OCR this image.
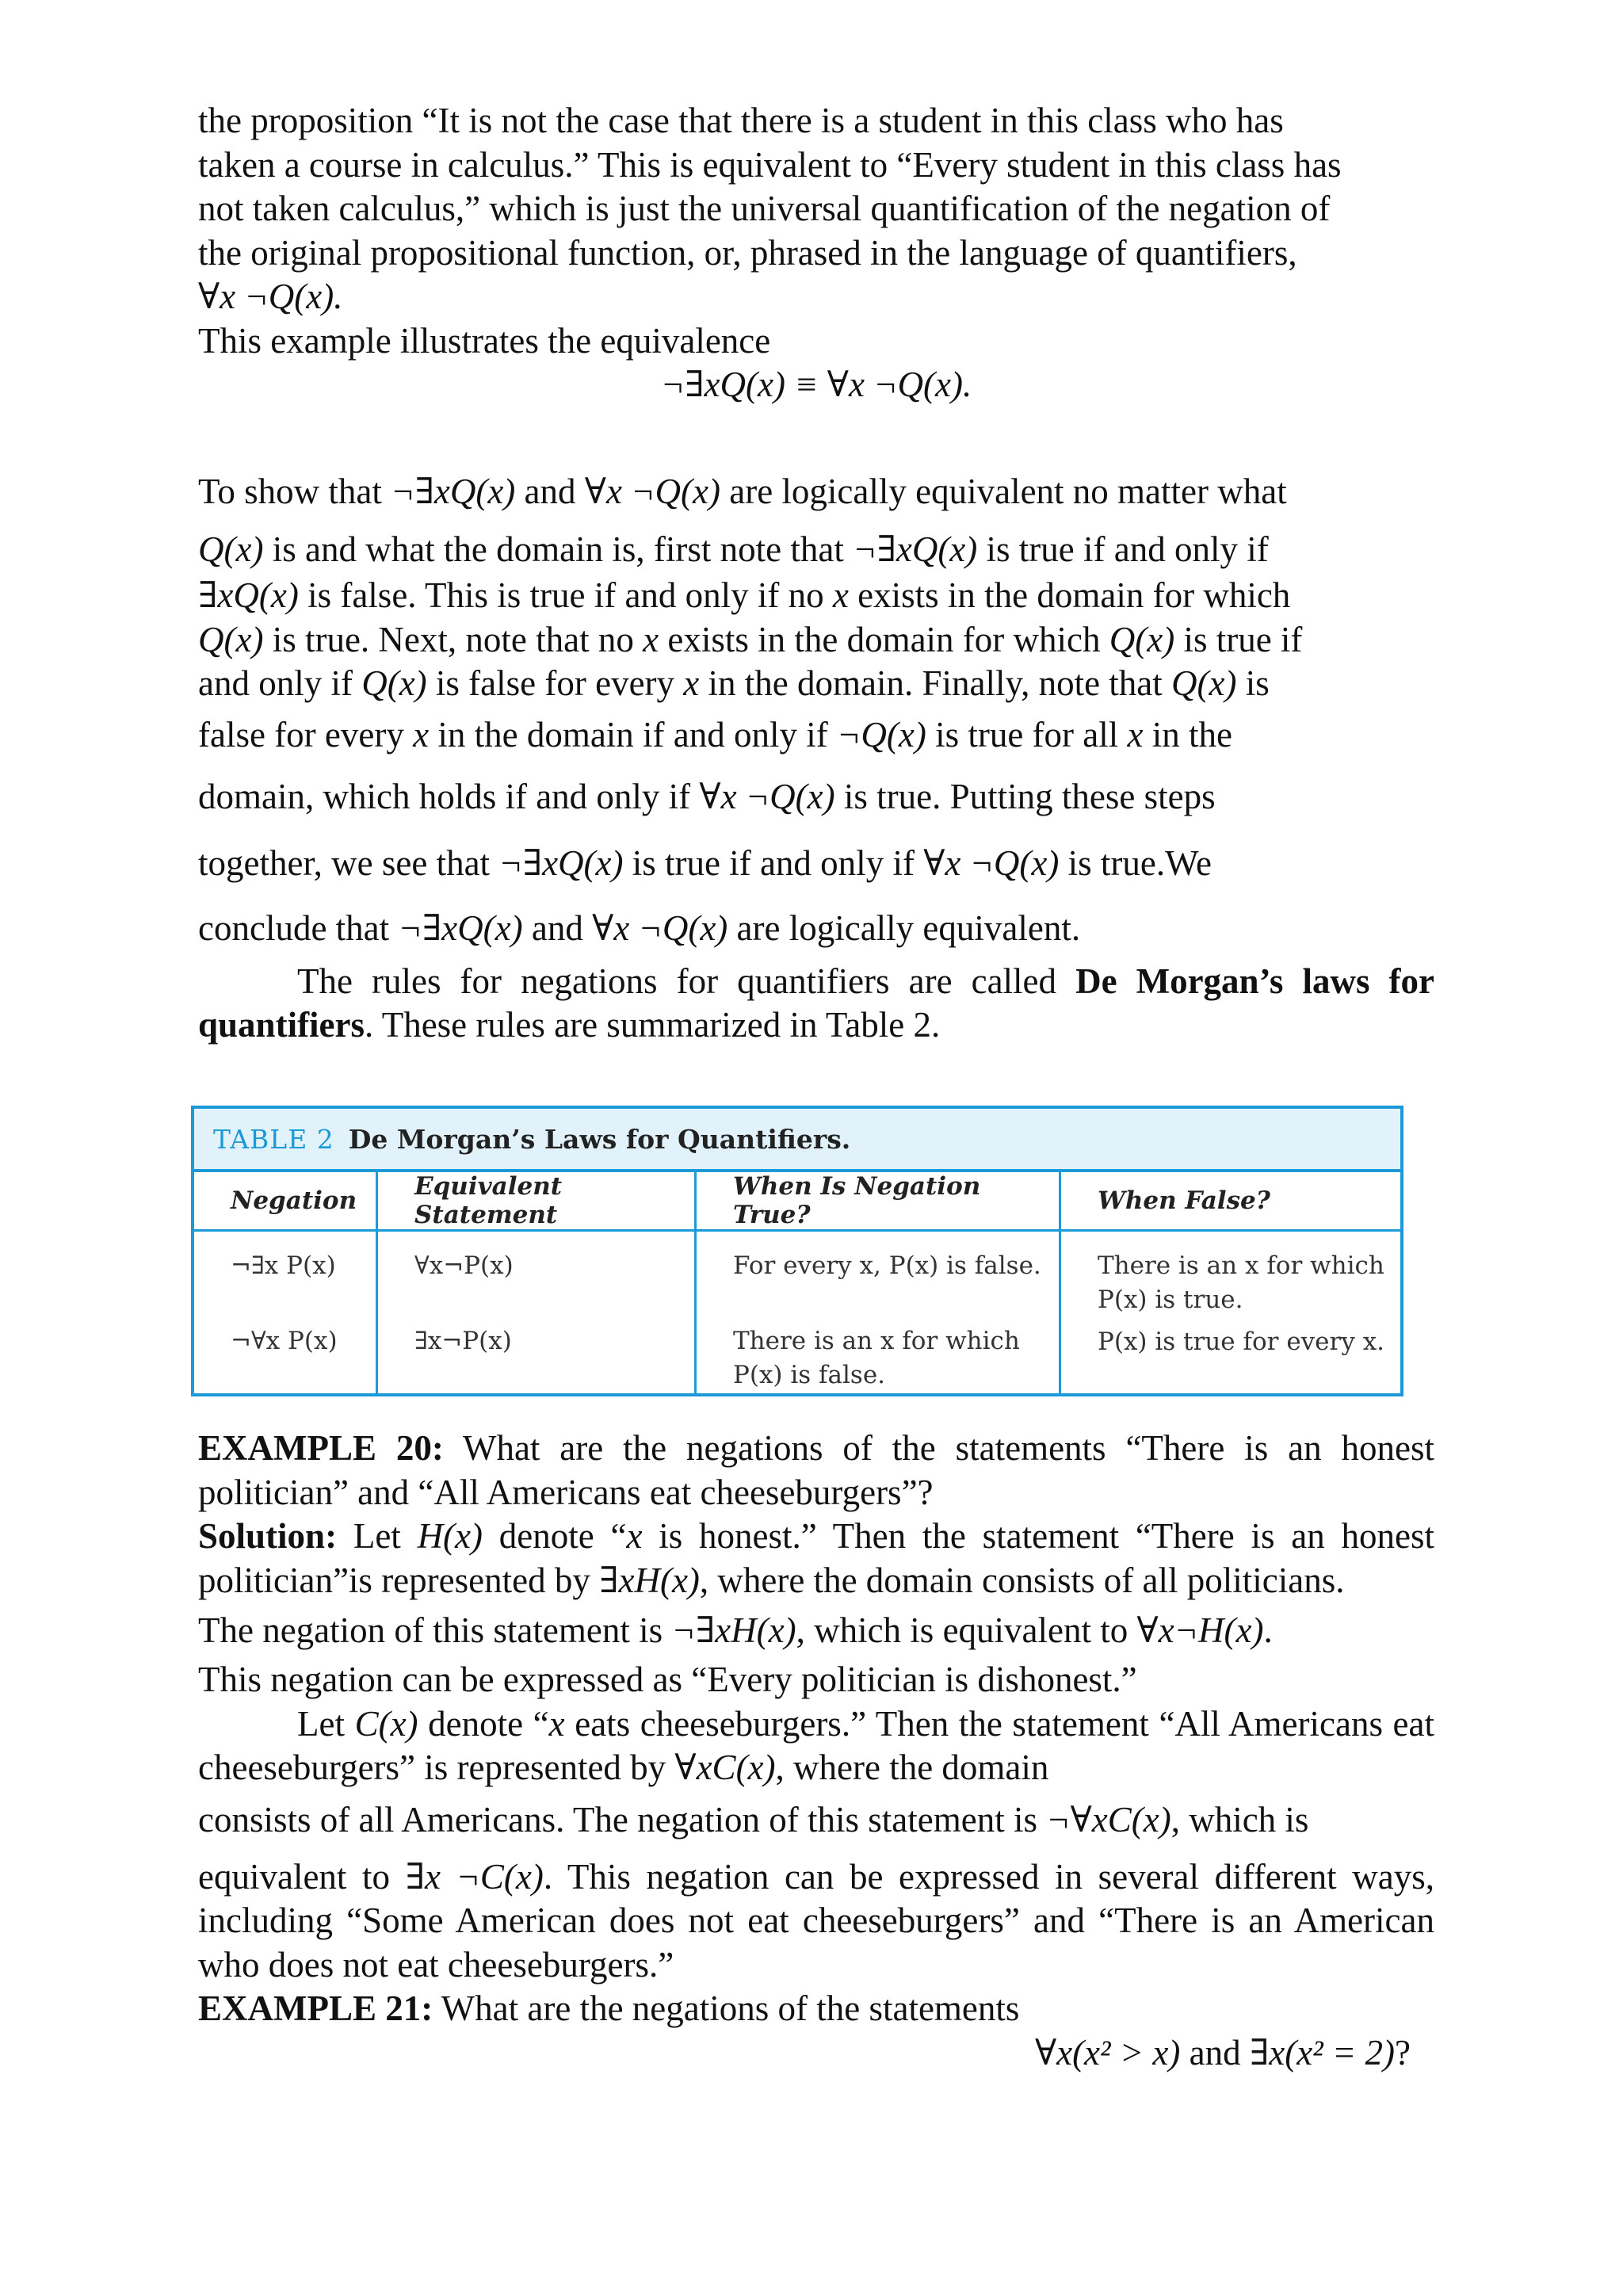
the proposition “It is not the case that there is a student in this class who has
taken a course in calculus.” This is equivalent to “Every student in this class has
not taken calculus,” which is just the universal quantification of the negation of
the original propositional function, or, phrased in the language of quantifiers,

∀x ¬Q(x).

This example illustrates the equivalence

¬∃xQ(x) ≡ ∀x ¬Q(x).

To show that ¬∃xQ(x) and ∀x ¬Q(x) are logically equivalent no matter what
Q(x) is and what the domain is, first note that ¬∃xQ(x) is true if and only if
∃xQ(x) is false. This is true if and only if no x exists in the domain for which
Q(x) is true. Next, note that no x exists in the domain for which Q(x) is true if
and only if Q(x) is false for every x in the domain. Finally, note that Q(x) is
false for every x in the domain if and only if ¬Q(x) is true for all x in the
domain, which holds if and only if ∀x ¬Q(x) is true. Putting these steps
together, we see that ¬∃xQ(x) is true if and only if ∀x ¬Q(x) is true.We
conclude that ¬∃xQ(x) and ∀x ¬Q(x) are logically equivalent.

The rules for negations for quantifiers are called De Morgan’s laws for quantifiers. These rules are summarized in Table 2.

TABLE 2 De Morgan’s Laws for Quantifiers.
Negation	Equivalent Statement
When Is Negation True?	When False?
¬∃x P(x)
¬∀x P(x)
∀x¬P(x)
∃x¬P(x)
For every x, P(x) is false.
There is an x for which
P(x) is false.
There is an x for which
P(x) is true.
P(x) is true for every x.

EXAMPLE 20: What are the negations of the statements “There is an honest politician” and “All Americans eat cheeseburgers”?

Solution: Let H(x) denote “x is honest.” Then the statement “There is an honest politician”is represented by ∃xH(x), where the domain consists of all politicians.

The negation of this statement is ¬∃xH(x), which is equivalent to ∀x¬H(x).

This negation can be expressed as “Every politician is dishonest.”

Let C(x) denote “x eats cheeseburgers.” Then the statement “All Americans eat cheeseburgers” is represented by ∀xC(x), where the domain

consists of all Americans. The negation of this statement is ¬∀xC(x), which is

equivalent to ∃x ¬C(x). This negation can be expressed in several different ways, including “Some American does not eat cheeseburgers” and “There is an American who does not eat cheeseburgers.”

EXAMPLE 21: What are the negations of the statements

∀x(x² > x) and ∃x(x² = 2)?
